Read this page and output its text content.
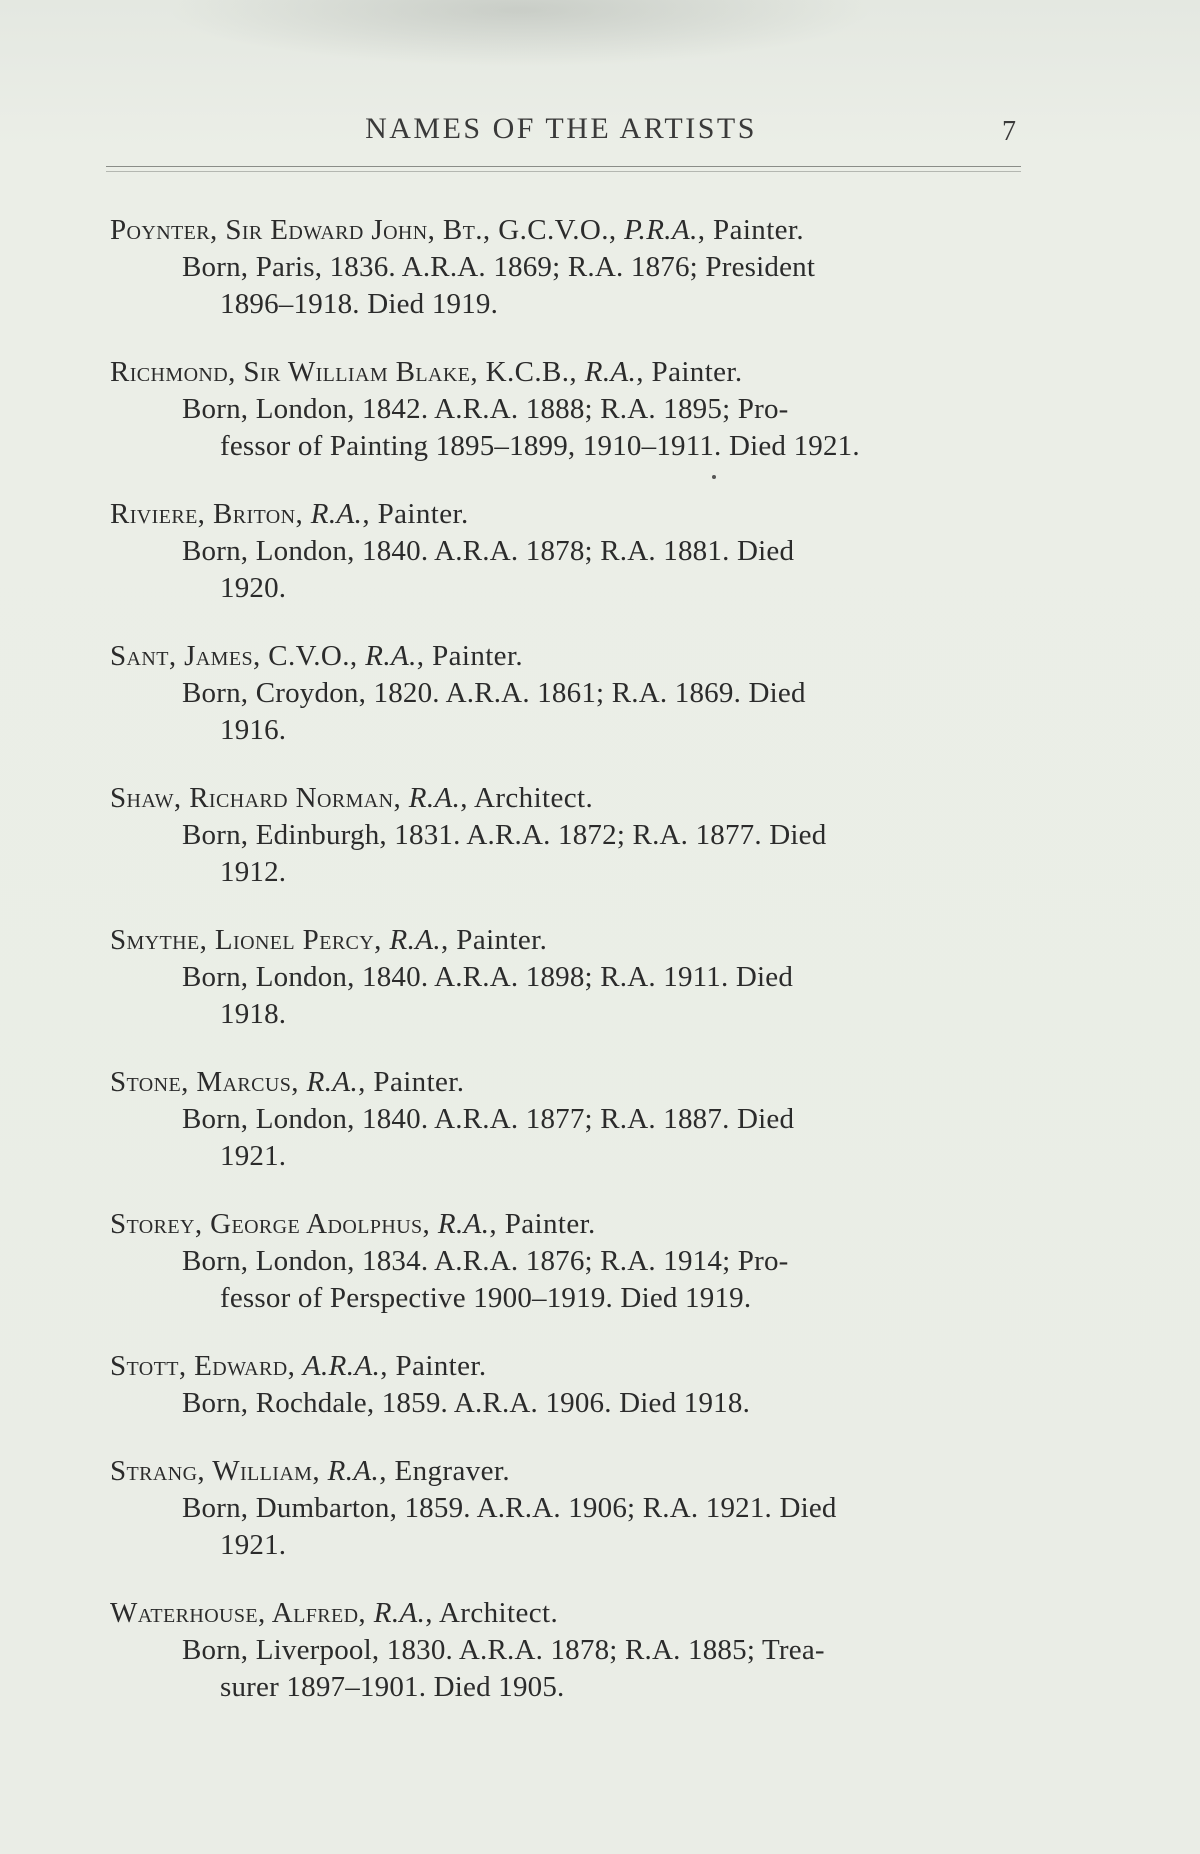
NAMES OF THE ARTISTS	7
Poynter, Sir Edward John, Bt., G.C.V.O., P.R.A., Painter.
Born, Paris, 1836. A.R.A. 1869; R.A. 1876; President
1896–1918. Died 1919.
Richmond, Sir William Blake, K.C.B., R.A., Painter.
Born, London, 1842. A.R.A. 1888; R.A. 1895; Pro-
fessor of Painting 1895–1899, 1910–1911. Died 1921.
Riviere, Briton, R.A., Painter.
Born, London, 1840. A.R.A. 1878; R.A. 1881. Died
1920.
Sant, James, C.V.O., R.A., Painter.
Born, Croydon, 1820. A.R.A. 1861; R.A. 1869. Died
1916.
Shaw, Richard Norman, R.A., Architect.
Born, Edinburgh, 1831. A.R.A. 1872; R.A. 1877. Died
1912.
Smythe, Lionel Percy, R.A., Painter.
Born, London, 1840. A.R.A. 1898; R.A. 1911. Died
1918.
Stone, Marcus, R.A., Painter.
Born, London, 1840. A.R.A. 1877; R.A. 1887. Died
1921.
Storey, George Adolphus, R.A., Painter.
Born, London, 1834. A.R.A. 1876; R.A. 1914; Pro-
fessor of Perspective 1900–1919. Died 1919.
Stott, Edward, A.R.A., Painter.
Born, Rochdale, 1859. A.R.A. 1906. Died 1918.
Strang, William, R.A., Engraver.
Born, Dumbarton, 1859. A.R.A. 1906; R.A. 1921. Died
1921.
Waterhouse, Alfred, R.A., Architect.
Born, Liverpool, 1830. A.R.A. 1878; R.A. 1885; Trea-
surer 1897–1901. Died 1905.
